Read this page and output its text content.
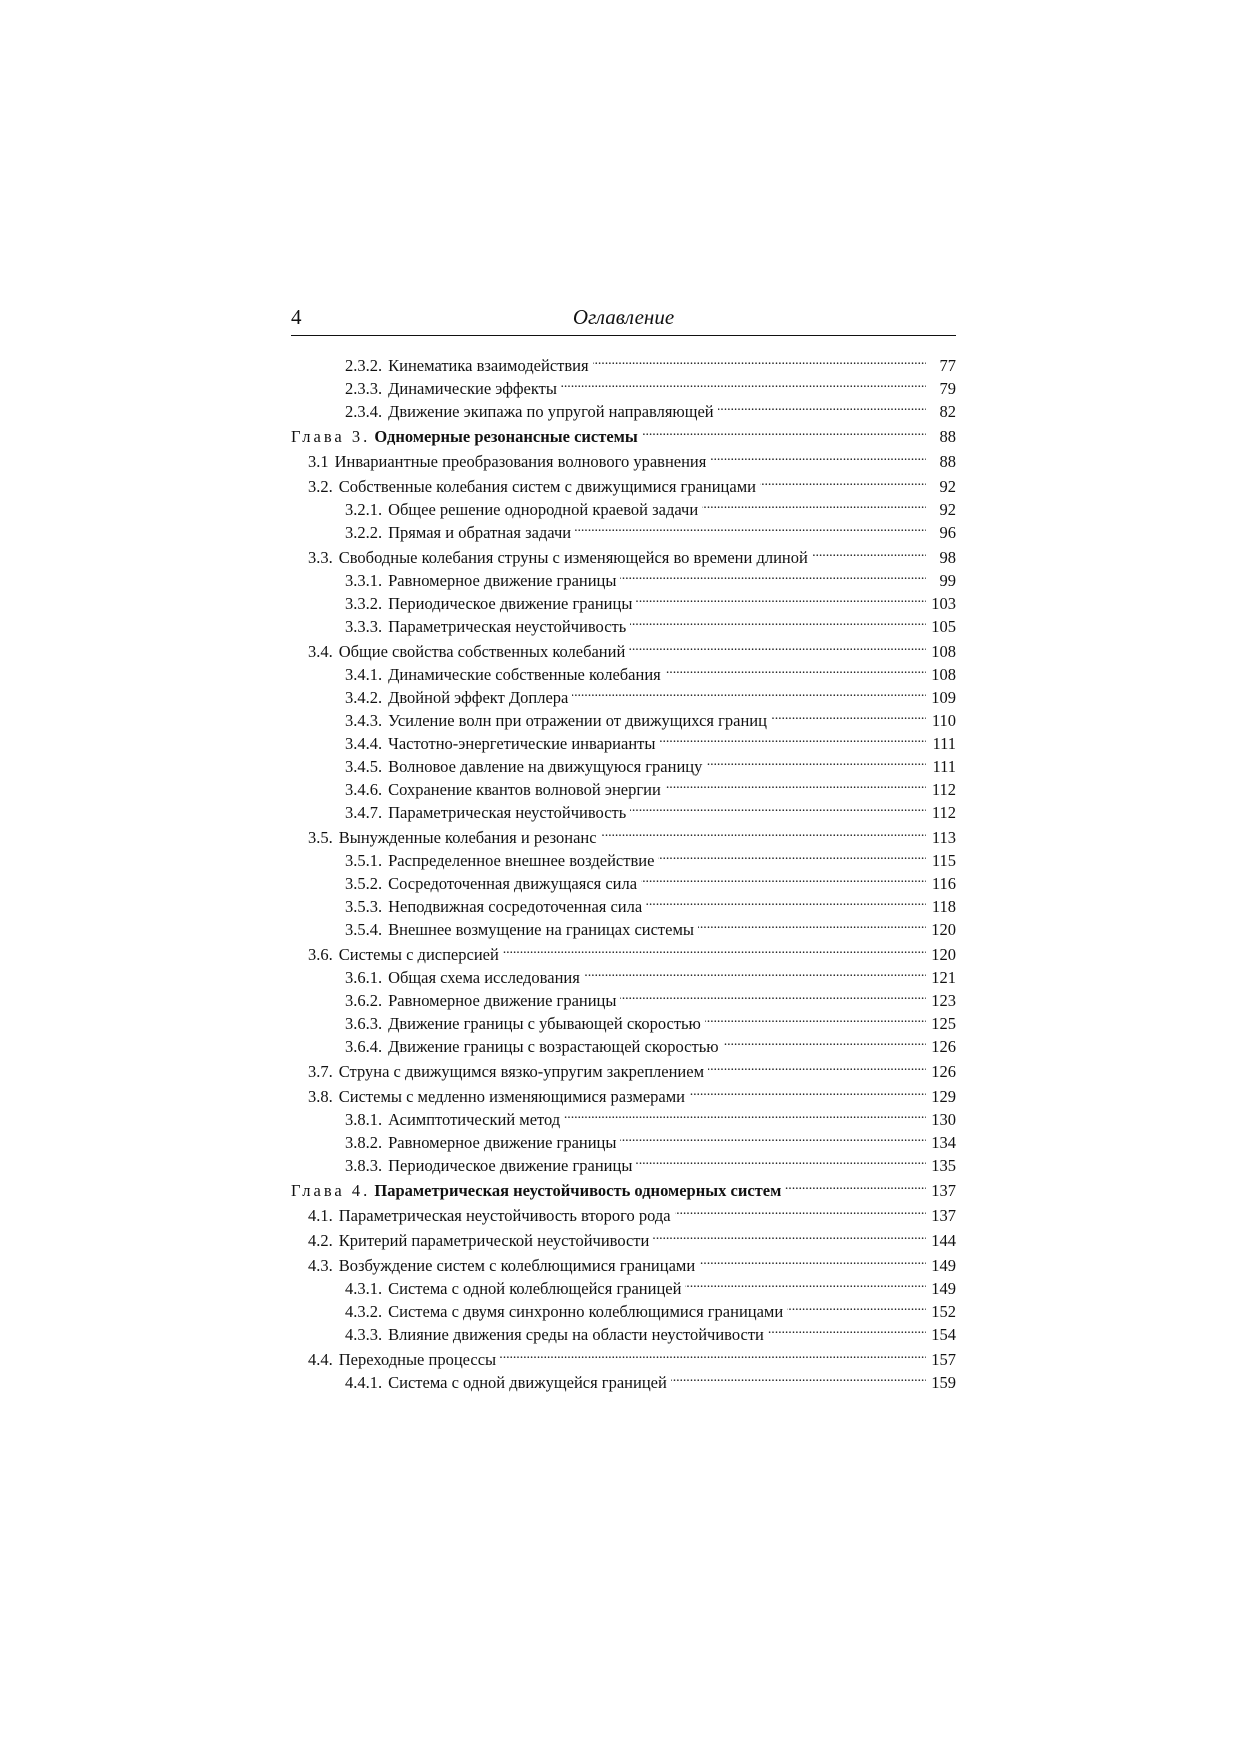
4	Оглавление
2.3.2. Кинематика взаимодействия . . .	77
2.3.3. Динамические эффекты . . .	79
2.3.4. Движение экипажа по упругой направляющей . . .	82
Глава 3. Одномерные резонансные системы . . .	88
3.1 Инвариантные преобразования волнового уравнения . . .	88
3.2. Собственные колебания систем с движущимися границами . . .	92
3.2.1. Общее решение однородной краевой задачи . . .	92
3.2.2. Прямая и обратная задачи . . .	96
3.3. Свободные колебания струны с изменяющейся во времени длиной . . .	98
3.3.1. Равномерное движение границы . . .	99
3.3.2. Периодическое движение границы . . .	103
3.3.3. Параметрическая неустойчивость . . .	105
3.4. Общие свойства собственных колебаний . . .	108
3.4.1. Динамические собственные колебания . . .	108
3.4.2. Двойной эффект Доплера . . .	109
3.4.3. Усиление волн при отражении от движущихся границ . . .	110
3.4.4. Частотно-энергетические инварианты . . .	111
3.4.5. Волновое давление на движущуюся границу . . .	111
3.4.6. Сохранение квантов волновой энергии . . .	112
3.4.7. Параметрическая неустойчивость . . .	112
3.5. Вынужденные колебания и резонанс . . .	113
3.5.1. Распределенное внешнее воздействие . . .	115
3.5.2. Сосредоточенная движущаяся сила . . .	116
3.5.3. Неподвижная сосредоточенная сила . . .	118
3.5.4. Внешнее возмущение на границах системы . . .	120
3.6. Системы с дисперсией . . .	120
3.6.1. Общая схема исследования . . .	121
3.6.2. Равномерное движение границы . . .	123
3.6.3. Движение границы с убывающей скоростью . . .	125
3.6.4. Движение границы с возрастающей скоростью . . .	126
3.7. Струна с движущимся вязко-упругим закреплением . . .	126
3.8. Системы с медленно изменяющимися размерами . . .	129
3.8.1. Асимптотический метод . . .	130
3.8.2. Равномерное движение границы . . .	134
3.8.3. Периодическое движение границы . . .	135
Глава 4. Параметрическая неустойчивость одномерных систем . . .	137
4.1. Параметрическая неустойчивость второго рода . . .	137
4.2. Критерий параметрической неустойчивости . . .	144
4.3. Возбуждение систем с колеблющимися границами . . .	149
4.3.1. Система с одной колеблющейся границей . . .	149
4.3.2. Система с двумя синхронно колеблющимися границами . . .	152
4.3.3. Влияние движения среды на области неустойчивости . . .	154
4.4. Переходные процессы . . .	157
4.4.1. Система с одной движущейся границей . . .	159
